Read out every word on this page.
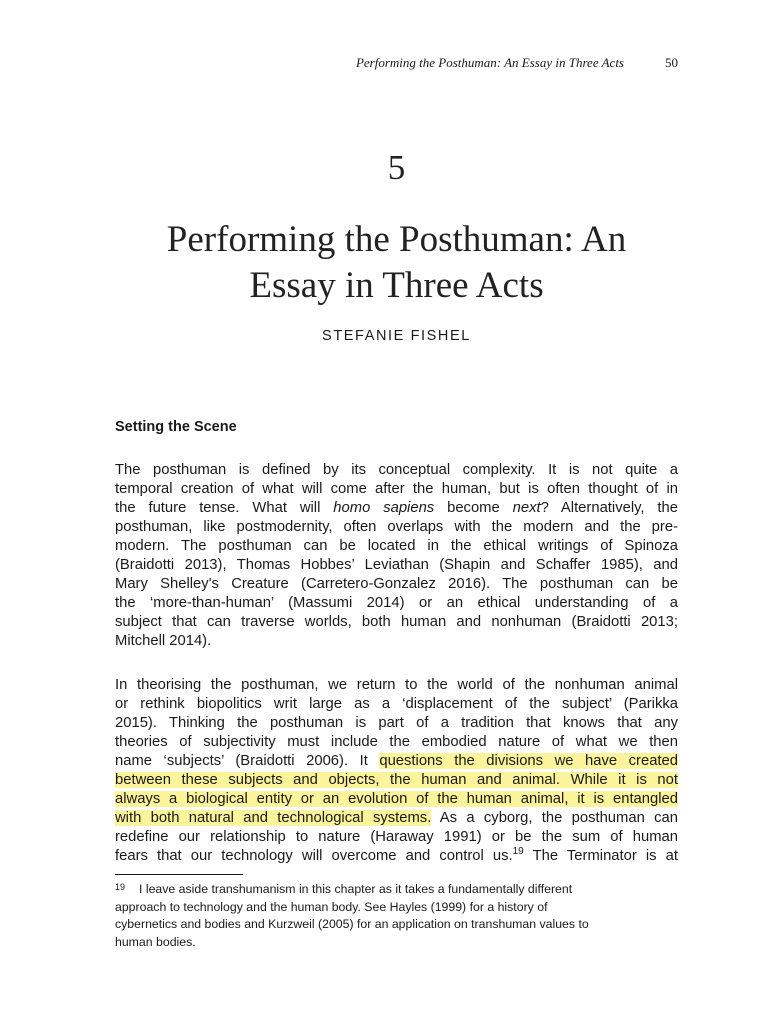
Performing the Posthuman: An Essay in Three Acts	50
5
Performing the Posthuman: An
Essay in Three Acts
STEFANIE FISHEL
Setting the Scene
The posthuman is defined by its conceptual complexity. It is not quite a
temporal creation of what will come after the human, but is often thought of in
the future tense. What will homo sapiens become next? Alternatively, the
posthuman, like postmodernity, often overlaps with the modern and the pre-
modern. The posthuman can be located in the ethical writings of Spinoza
(Braidotti 2013), Thomas Hobbes’ Leviathan (Shapin and Schaffer 1985), and
Mary Shelley's Creature (Carretero-Gonzalez 2016). The posthuman can be
the ‘more-than-human’ (Massumi 2014) or an ethical understanding of a
subject that can traverse worlds, both human and nonhuman (Braidotti 2013;
Mitchell 2014).
In theorising the posthuman, we return to the world of the nonhuman animal
or rethink biopolitics writ large as a ‘displacement of the subject’ (Parikka
2015). Thinking the posthuman is part of a tradition that knows that any
theories of subjectivity must include the embodied nature of what we then
name ‘subjects’ (Braidotti 2006). It questions the divisions we have created
between these subjects and objects, the human and animal. While it is not
always a biological entity or an evolution of the human animal, it is entangled
with both natural and technological systems. As a cyborg, the posthuman can
redefine our relationship to nature (Haraway 1991) or be the sum of human
fears that our technology will overcome and control us.$^{19}$ The Terminator is at
$^{19}$ I leave aside transhumanism in this chapter as it takes a fundamentally different
approach to technology and the human body. See Hayles (1999) for a history of
cybernetics and bodies and Kurzweil (2005) for an application on transhuman values to
human bodies.
